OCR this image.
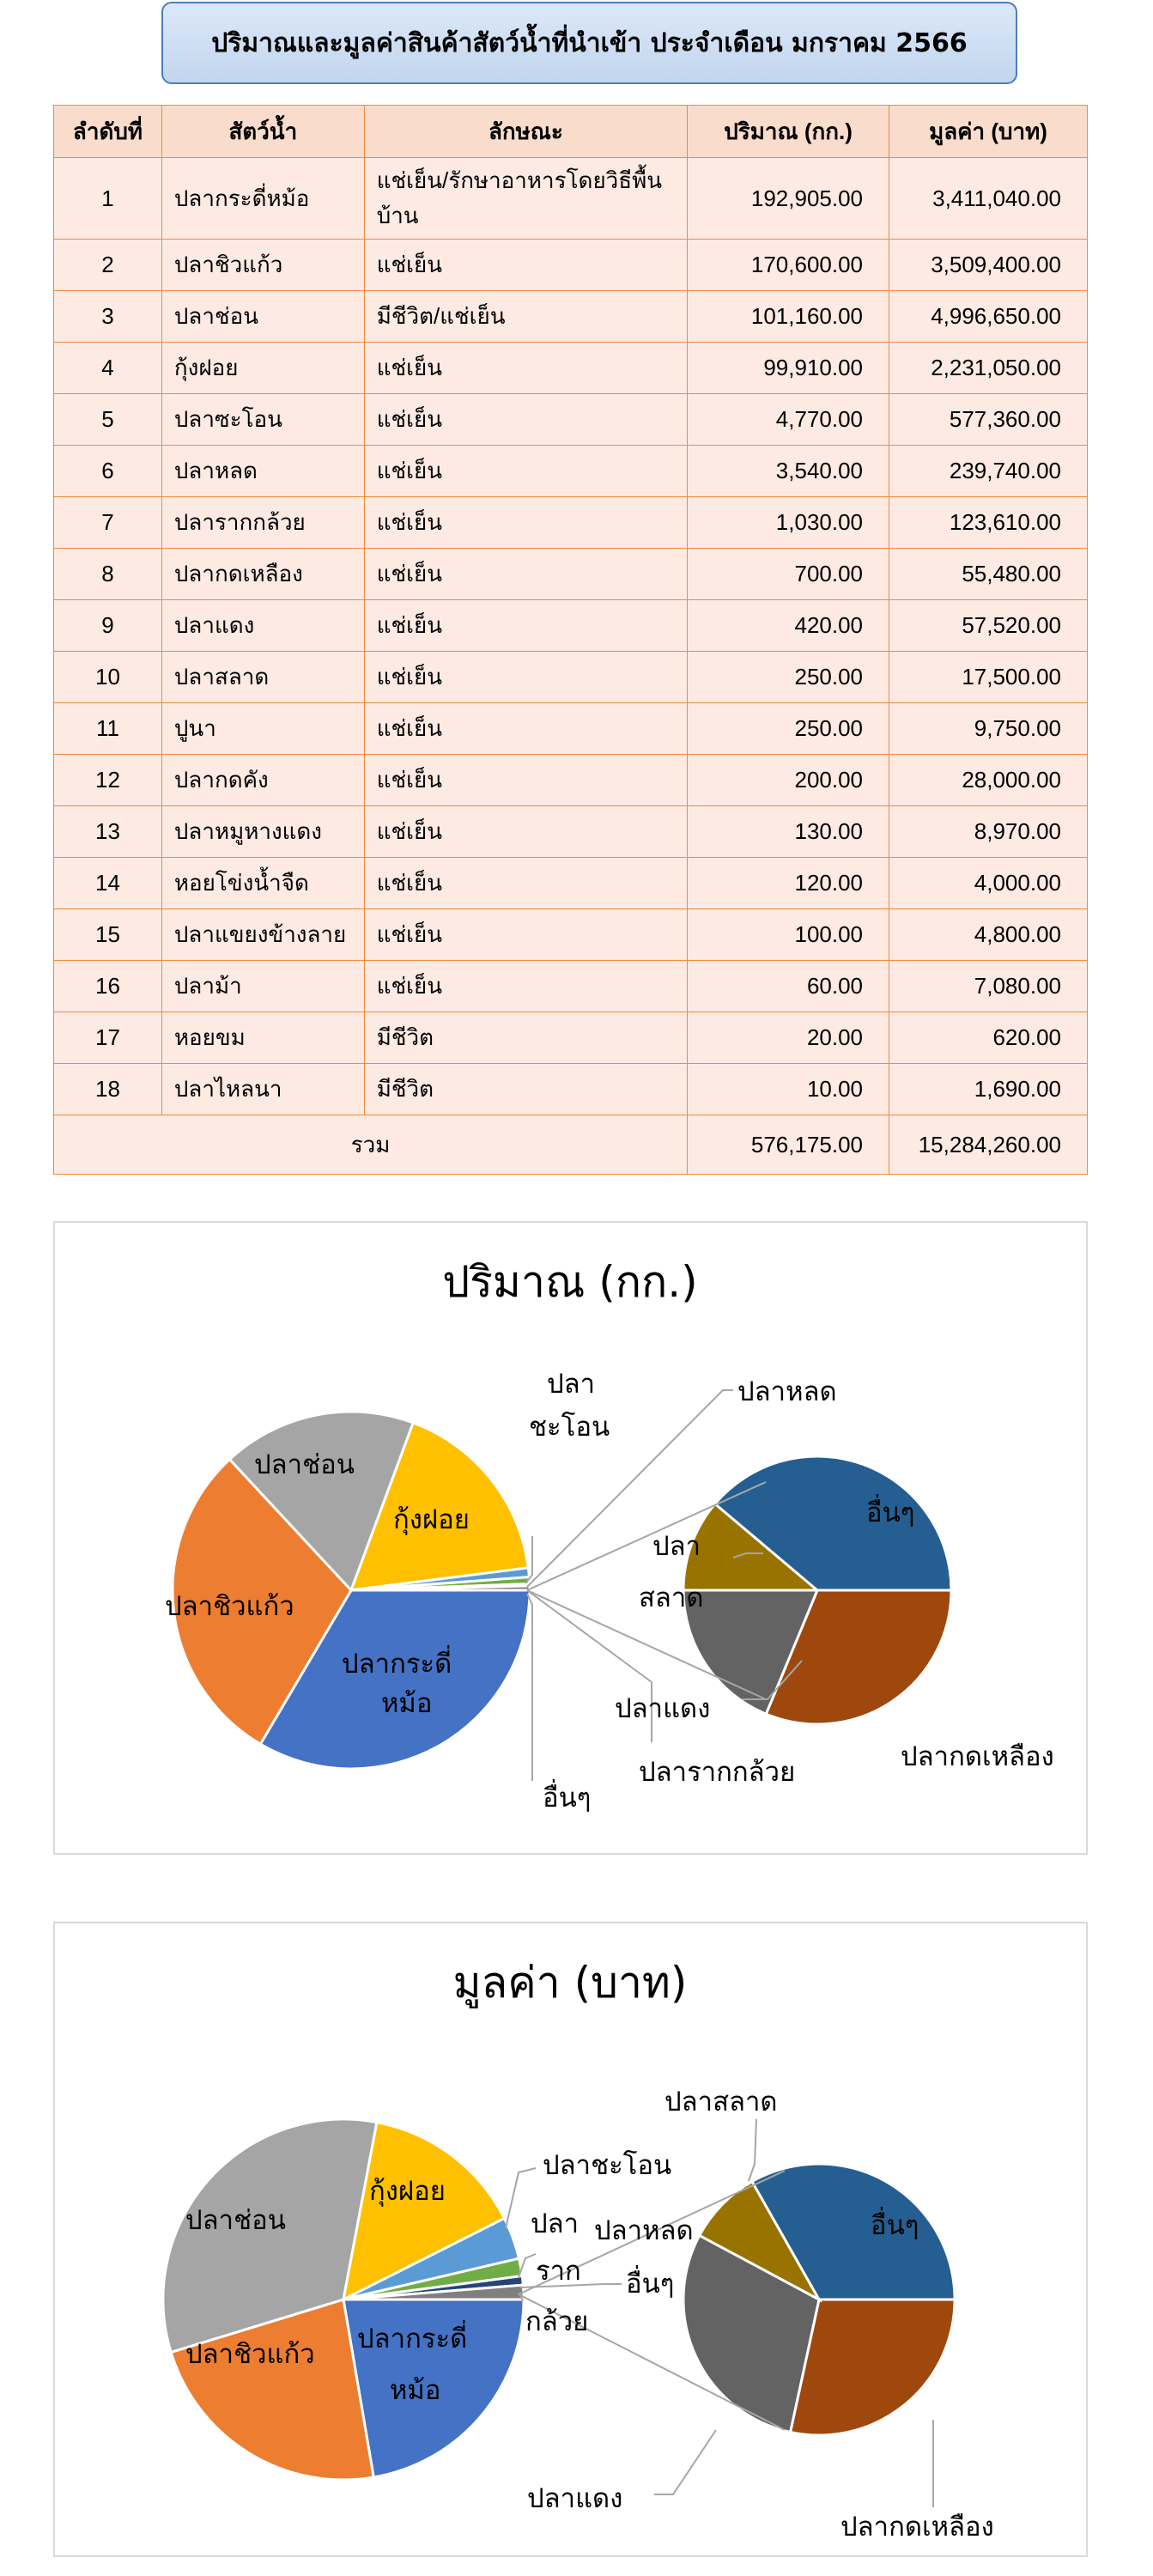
ปริมาณและมูลค่าสินค้าสัตว์น้ำที่นำเข้า ประจำเดือน มกราคม 2566
ลำดับที่	สัตว์น้ำ	ลักษณะ	ปริมาณ (กก.)	มูลค่า (บาท)
1	ปลากระดี่หม้อ	แช่เย็น/รักษาอาหารโดยวิธีพื้นบ้าน	192,905.00	3,411,040.00
2	ปลาชิวแก้ว	แช่เย็น	170,600.00	3,509,400.00
3	ปลาช่อน	มีชีวิต/แช่เย็น	101,160.00	4,996,650.00
4	กุ้งฝอย	แช่เย็น	99,910.00	2,231,050.00
5	ปลาซะโอน	แช่เย็น	4,770.00	577,360.00
6	ปลาหลด	แช่เย็น	3,540.00	239,740.00
7	ปลารากกล้วย	แช่เย็น	1,030.00	123,610.00
8	ปลากดเหลือง	แช่เย็น	700.00	55,480.00
9	ปลาแดง	แช่เย็น	420.00	57,520.00
10	ปลาสลาด	แช่เย็น	250.00	17,500.00
11	ปูนา	แช่เย็น	250.00	9,750.00
12	ปลากดคัง	แช่เย็น	200.00	28,000.00
13	ปลาหมูหางแดง	แช่เย็น	130.00	8,970.00
14	หอยโข่งน้ำจืด	แช่เย็น	120.00	4,000.00
15	ปลาแขยงข้างลาย	แช่เย็น	100.00	4,800.00
16	ปลาม้า	แช่เย็น	60.00	7,080.00
17	หอยขม	มีชีวิต	20.00	620.00
18	ปลาไหลนา	มีชีวิต	10.00	1,690.00
รวม			576,175.00	15,284,260.00
ปริมาณ (กก.)
ปลากระดี่
หม้อ
ปลาชิวแก้ว
ปลาช่อน
กุ้งฝอย
ปลา
ชะโอน
ปลาหลด
ปลารากกล้วย
อื่นๆ
อื่นๆ
ปลากดเหลือง
ปลาแดง
ปลา
สลาด
มูลค่า (บาท)
ปลากระดี่
หม้อ
ปลาชิวแก้ว
ปลาช่อน
กุ้งฝอย
ปลาชะโอน
ปลาหลด
ปลา
ราก
กล้วย
อื่นๆ
อื่นๆ
ปลากดเหลือง
ปลาแดง
ปลาสลาด
